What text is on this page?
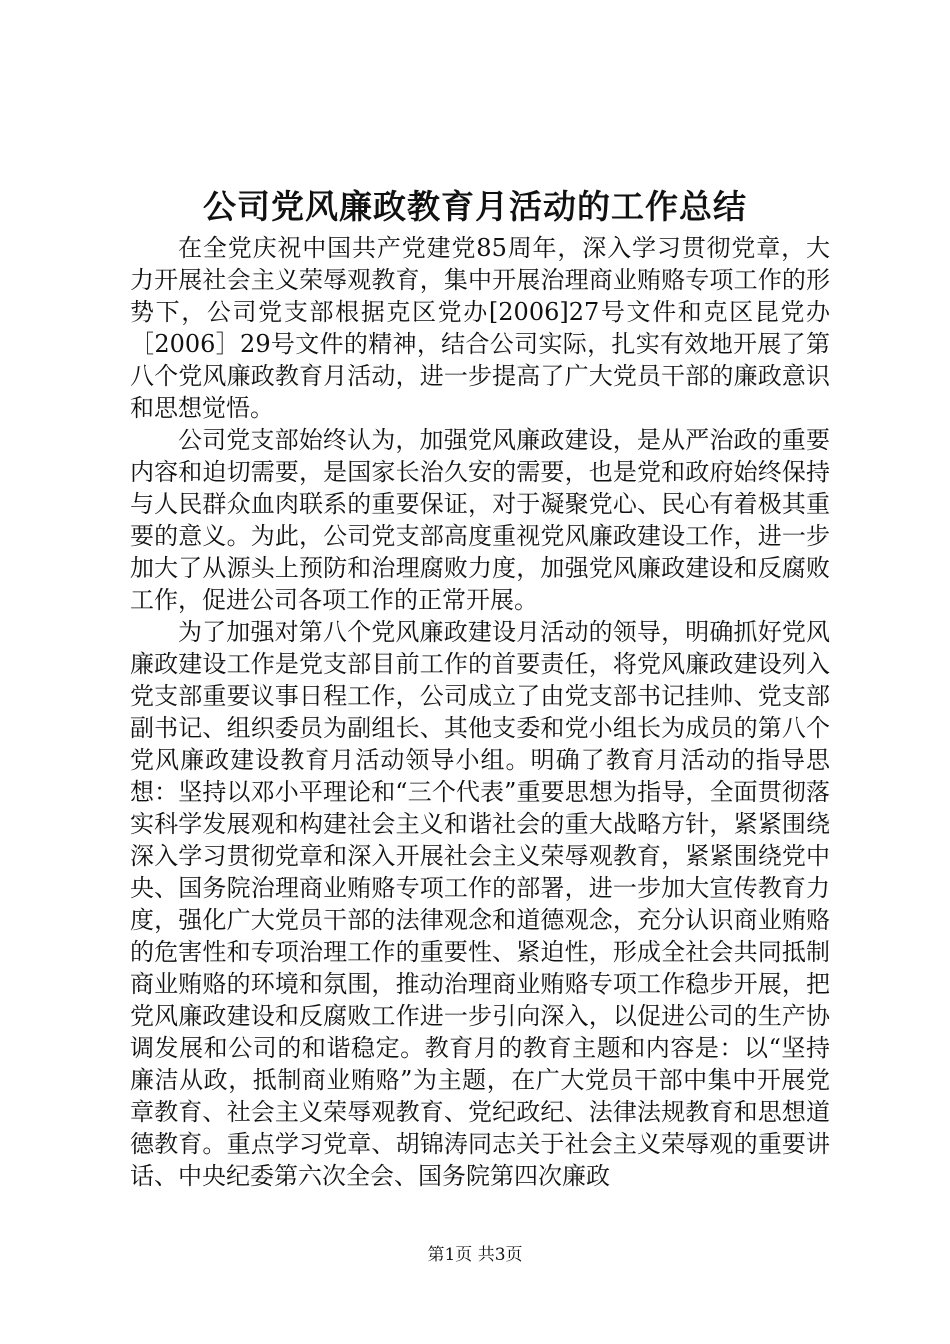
公司党风廉政教育月活动的工作总结

在全党庆祝中国共产党建党85周年，深入学习贯彻党章，大力开展社会主义荣辱观教育，集中开展治理商业贿赂专项工作的形势下，公司党支部根据克区党办[2006]27号文件和克区昆党办［2006］29号文件的精神，结合公司实际，扎实有效地开展了第八个党风廉政教育月活动，进一步提高了广大党员干部的廉政意识和思想觉悟。

公司党支部始终认为，加强党风廉政建设，是从严治政的重要内容和迫切需要，是国家长治久安的需要，也是党和政府始终保持与人民群众血肉联系的重要保证，对于凝聚党心、民心有着极其重要的意义。为此，公司党支部高度重视党风廉政建设工作，进一步加大了从源头上预防和治理腐败力度，加强党风廉政建设和反腐败工作，促进公司各项工作的正常开展。

为了加强对第八个党风廉政建设月活动的领导，明确抓好党风廉政建设工作是党支部目前工作的首要责任，将党风廉政建设列入党支部重要议事日程工作，公司成立了由党支部书记挂帅、党支部副书记、组织委员为副组长、其他支委和党小组长为成员的第八个党风廉政建设教育月活动领导小组。明确了教育月活动的指导思想：坚持以邓小平理论和“三个代表”重要思想为指导，全面贯彻落实科学发展观和构建社会主义和谐社会的重大战略方针，紧紧围绕深入学习贯彻党章和深入开展社会主义荣辱观教育，紧紧围绕党中央、国务院治理商业贿赂专项工作的部署，进一步加大宣传教育力度，强化广大党员干部的法律观念和道德观念，充分认识商业贿赂的危害性和专项治理工作的重要性、紧迫性，形成全社会共同抵制商业贿赂的环境和氛围，推动治理商业贿赂专项工作稳步开展，把党风廉政建设和反腐败工作进一步引向深入，以促进公司的生产协调发展和公司的和谐稳定。教育月的教育主题和内容是：以“坚持廉洁从政，抵制商业贿赂”为主题，在广大党员干部中集中开展党章教育、社会主义荣辱观教育、党纪政纪、法律法规教育和思想道德教育。重点学习党章、胡锦涛同志关于社会主义荣辱观的重要讲话、中央纪委第六次全会、国务院第四次廉政

第1页 共3页
